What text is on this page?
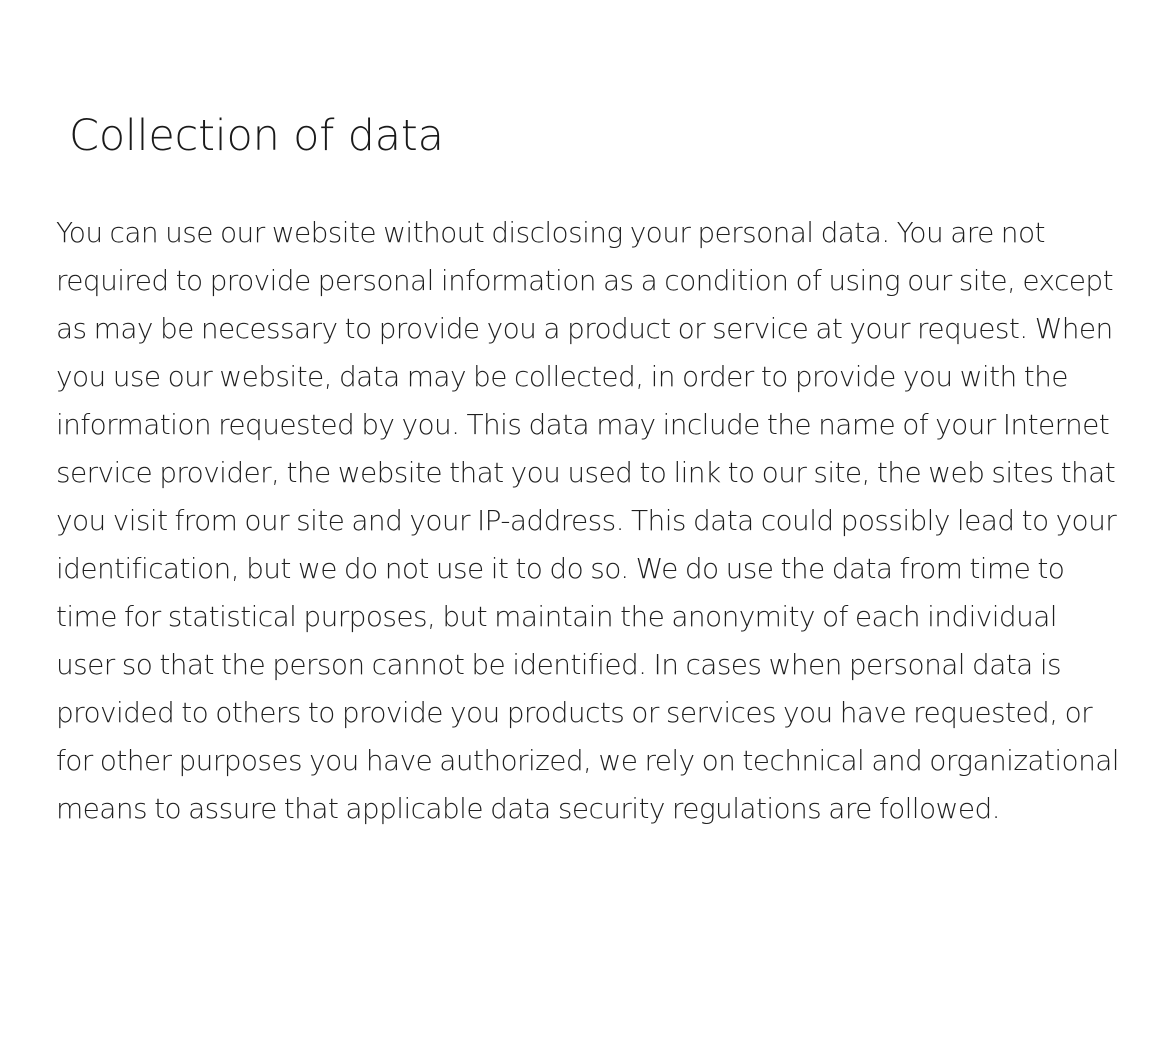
Collection of data

You can use our website without disclosing your personal data. You are not required to provide personal information as a condition of using our site, except as may be necessary to provide you a product or service at your request. When you use our website, data may be collected, in order to provide you with the information requested by you. This data may include the name of your Internet service provider, the website that you used to link to our site, the web sites that you visit from our site and your IP-address. This data could possibly lead to your identification, but we do not use it to do so. We do use the data from time to time for statistical purposes, but maintain the anonymity of each individual user so that the person cannot be identified. In cases when personal data is provided to others to provide you products or services you have requested, or for other purposes you have authorized, we rely on technical and organizational means to assure that applicable data security regulations are followed.
